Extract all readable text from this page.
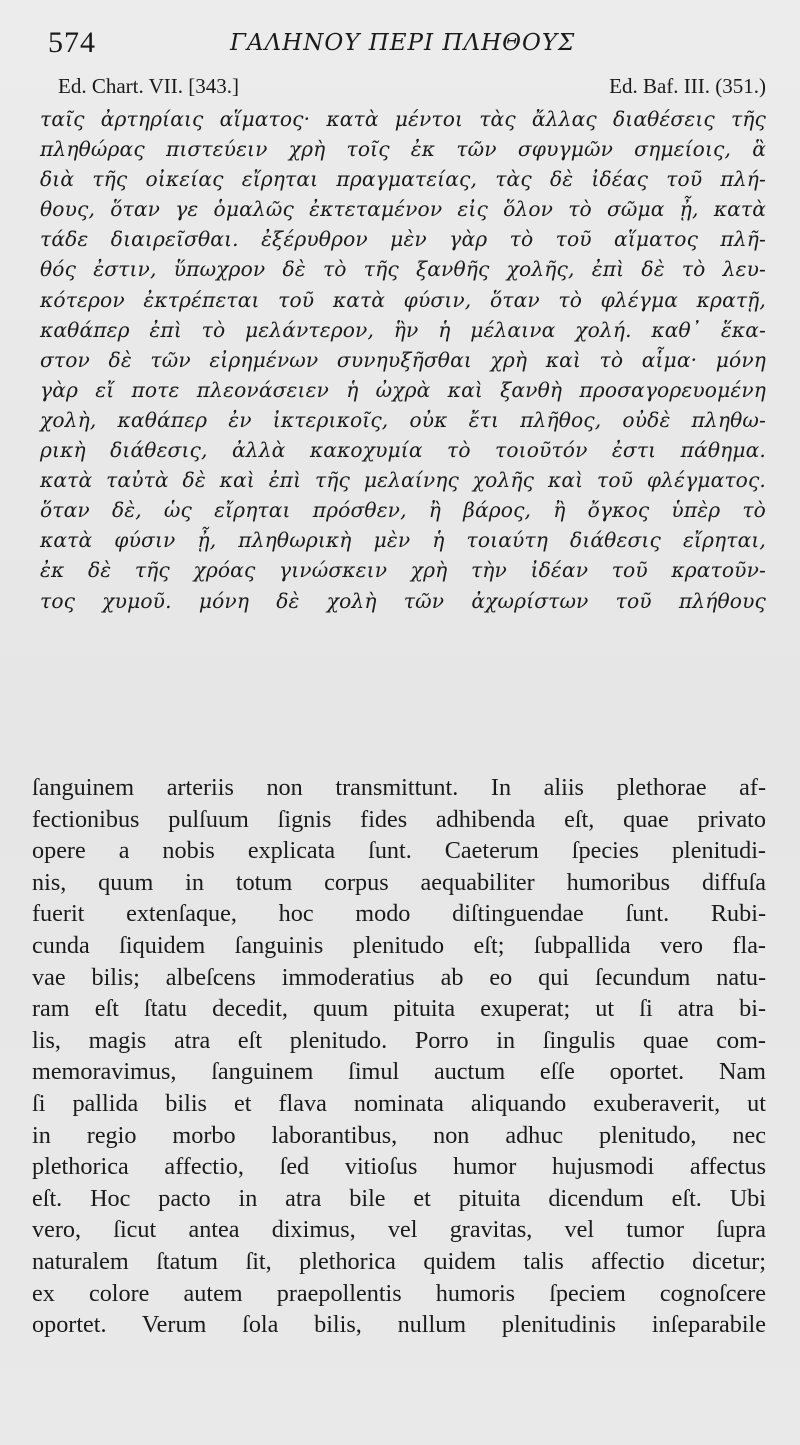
574	ΓΑΛΗΝΟΥ ΠΕΡΙ ΠΛΗΘΟΥΣ
Ed. Chart. VII. [343.]	Ed. Baf. III. (351.)
ταῖς ἀρτηρίαις αἵματος· κατὰ μέντοι τὰς ἄλλας διαθέσεις τῆς
πληθώρας πιστεύειν χρὴ τοῖς ἐκ τῶν σφυγμῶν σημείοις, ἃ
διὰ τῆς οἰκείας εἴρηται πραγματείας, τὰς δὲ ἰδέας τοῦ πλή-
θους, ὅταν γε ὁμαλῶς ἐκτεταμένον εἰς ὅλον τὸ σῶμα ᾖ, κατὰ
τάδε διαιρεῖσθαι. ἐξέρυθρον μὲν γὰρ τὸ τοῦ αἵματος πλῆ-
θός ἐστιν, ὕπωχρον δὲ τὸ τῆς ξανθῆς χολῆς, ἐπὶ δὲ τὸ λευ-
κότερον ἐκτρέπεται τοῦ κατὰ φύσιν, ὅταν τὸ φλέγμα κρατῇ,
καθάπερ ἐπὶ τὸ μελάντερον, ἣν ἡ μέλαινα χολή. καθ᾽ ἕκα-
στον δὲ τῶν εἰρημένων συνηυξῆσθαι χρὴ καὶ τὸ αἷμα· μόνη
γὰρ εἴ ποτε πλεονάσειεν ἡ ὠχρὰ καὶ ξανθὴ προσαγορευομένη
χολὴ, καθάπερ ἐν ἰκτερικοῖς, οὐκ ἔτι πλῆθος, οὐδὲ πληθω-
ρικὴ διάθεσις, ἀλλὰ κακοχυμία τὸ τοιοῦτόν ἐστι πάθημα.
κατὰ ταὐτὰ δὲ καὶ ἐπὶ τῆς μελαίνης χολῆς καὶ τοῦ φλέγματος.
ὅταν δὲ, ὡς εἴρηται πρόσθεν, ἢ βάρος, ἢ ὄγκος ὑπὲρ τὸ
κατὰ φύσιν ᾖ, πληθωρικὴ μὲν ἡ τοιαύτη διάθεσις εἴρηται,
ἐκ δὲ τῆς χρόας γινώσκειν χρὴ τὴν ἰδέαν τοῦ κρατοῦν-
τος χυμοῦ. μόνη δὲ χολὴ τῶν ἀχωρίστων τοῦ πλήθους
ſanguinem arteriis non transmittunt. In aliis plethorae af-
fectionibus pulſuum ſignis fides adhibenda eſt, quae privato
opere a nobis explicata ſunt. Caeterum ſpecies plenitudi-
nis, quum in totum corpus aequabiliter humoribus diffuſa
fuerit extenſaque, hoc modo diſtinguendae ſunt. Rubi-
cunda ſiquidem ſanguinis plenitudo eſt; ſubpallida vero fla-
vae bilis; albeſcens immoderatius ab eo qui ſecundum natu-
ram eſt ſtatu decedit, quum pituita exuperat; ut ſi atra bi-
lis, magis atra eſt plenitudo. Porro in ſingulis quae com-
memoravimus, ſanguinem ſimul auctum eſſe oportet. Nam
ſi pallida bilis et flava nominata aliquando exuberaverit, ut
in regio morbo laborantibus, non adhuc plenitudo, nec
plethorica affectio, ſed vitioſus humor hujusmodi affectus
eſt. Hoc pacto in atra bile et pituita dicendum eſt. Ubi
vero, ſicut antea diximus, vel gravitas, vel tumor ſupra
naturalem ſtatum ſit, plethorica quidem talis affectio dicetur;
ex colore autem praepollentis humoris ſpeciem cognoſcere
oportet. Verum ſola bilis, nullum plenitudinis inſeparabile
